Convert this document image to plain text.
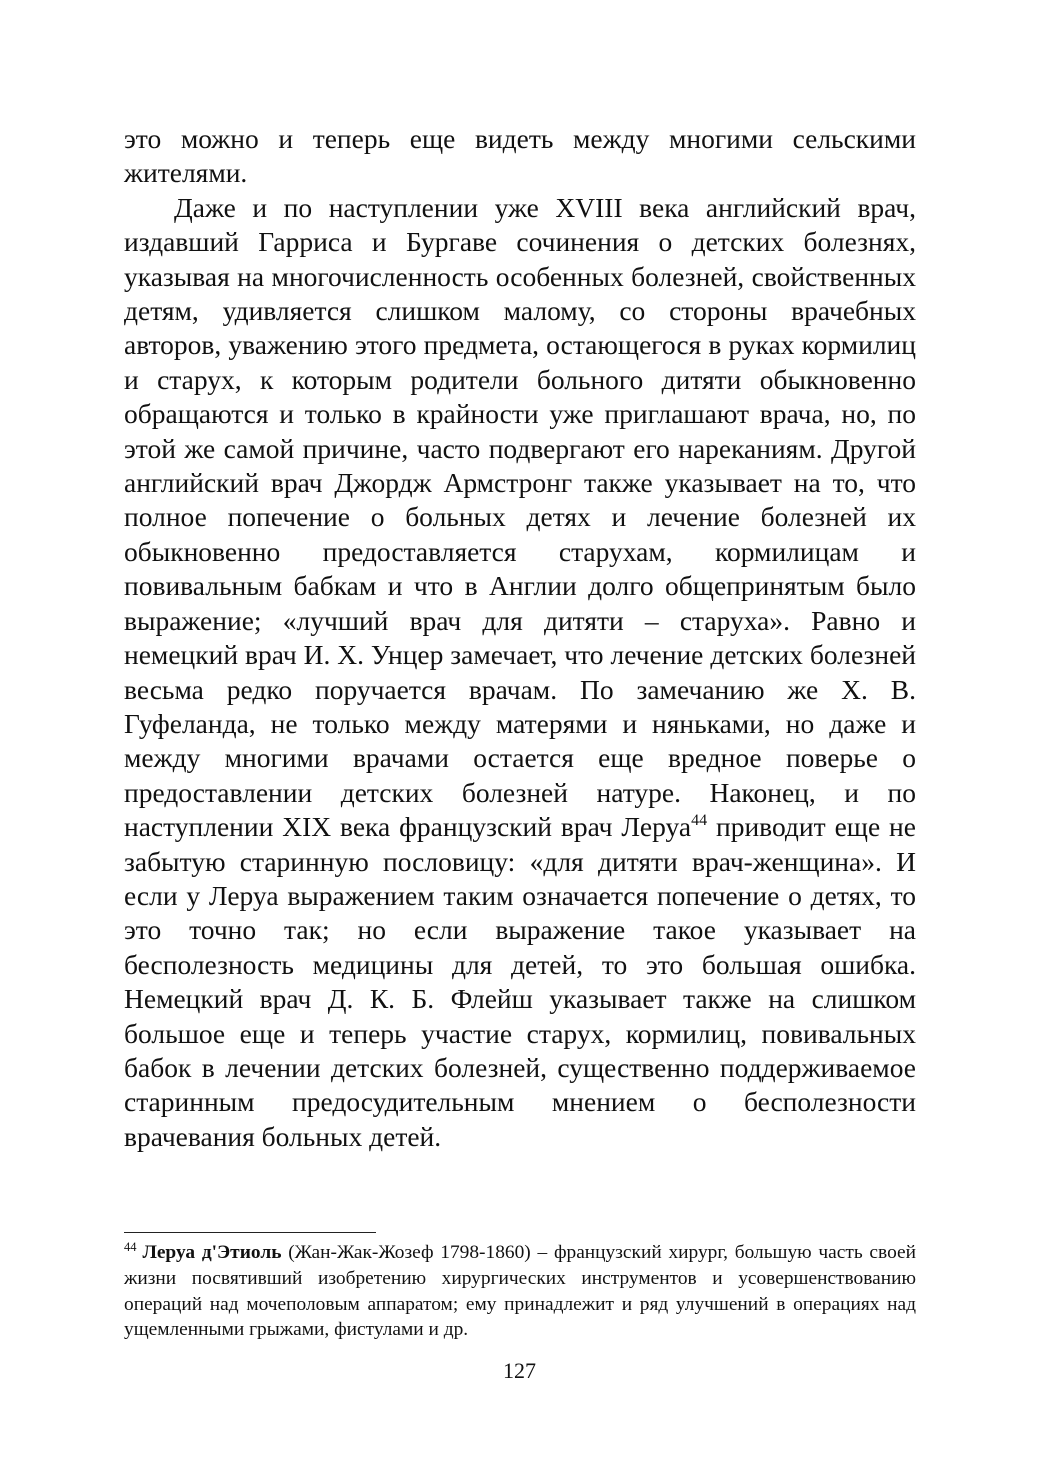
это можно и теперь еще видеть между многими сельскими жителями.

Даже и по наступлении уже XVIII века английский врач, издавший Гарриса и Бургаве сочинения о детских болезнях, указывая на многочисленность особенных болезней, свойственных детям, удивляется слишком малому, со стороны врачебных авторов, уважению этого предмета, остающегося в руках кормилиц и старух, к которым родители больного дитяти обыкновенно обращаются и только в крайности уже приглашают врача, но, по этой же самой причине, часто подвергают его нареканиям. Другой английский врач Джордж Армстронг также указывает на то, что полное попечение о больных детях и лечение болезней их обыкновенно предоставляется старухам, кормилицам и повивальным бабкам и что в Англии долго общепринятым было выражение; «лучший врач для дитяти – старуха». Равно и немецкий врач И. Х. Унцер замечает, что лечение детских болезней весьма редко поручается врачам. По замечанию же Х. В. Гуфеланда, не только между матерями и няньками, но даже и между многими врачами остается еще вредное поверье о предоставлении детских болезней натуре. Наконец, и по наступлении XIX века французский врач Леруа$^{44}$ приводит еще не забытую старинную пословицу: «для дитяти врач-женщина». И если у Леруа выражением таким означается попечение о детях, то это точно так; но если выражение такое указывает на бесполезность медицины для детей, то это большая ошибка. Немецкий врач Д. К. Б. Флейш указывает также на слишком большое еще и теперь участие старух, кормилиц, повивальных бабок в лечении детских болезней, существенно поддерживаемое старинным предосудительным мнением о бесполезности врачевания больных детей.

$^{44}$ Леруа д'Этиоль (Жан-Жак-Жозеф 1798-1860) – французский хирург, большую часть своей жизни посвятивший изобретению хирургических инструментов и усовершенствованию операций над мочеполовым аппаратом; ему принадлежит и ряд улучшений в операциях над ущемленными грыжами, фистулами и др.

127
